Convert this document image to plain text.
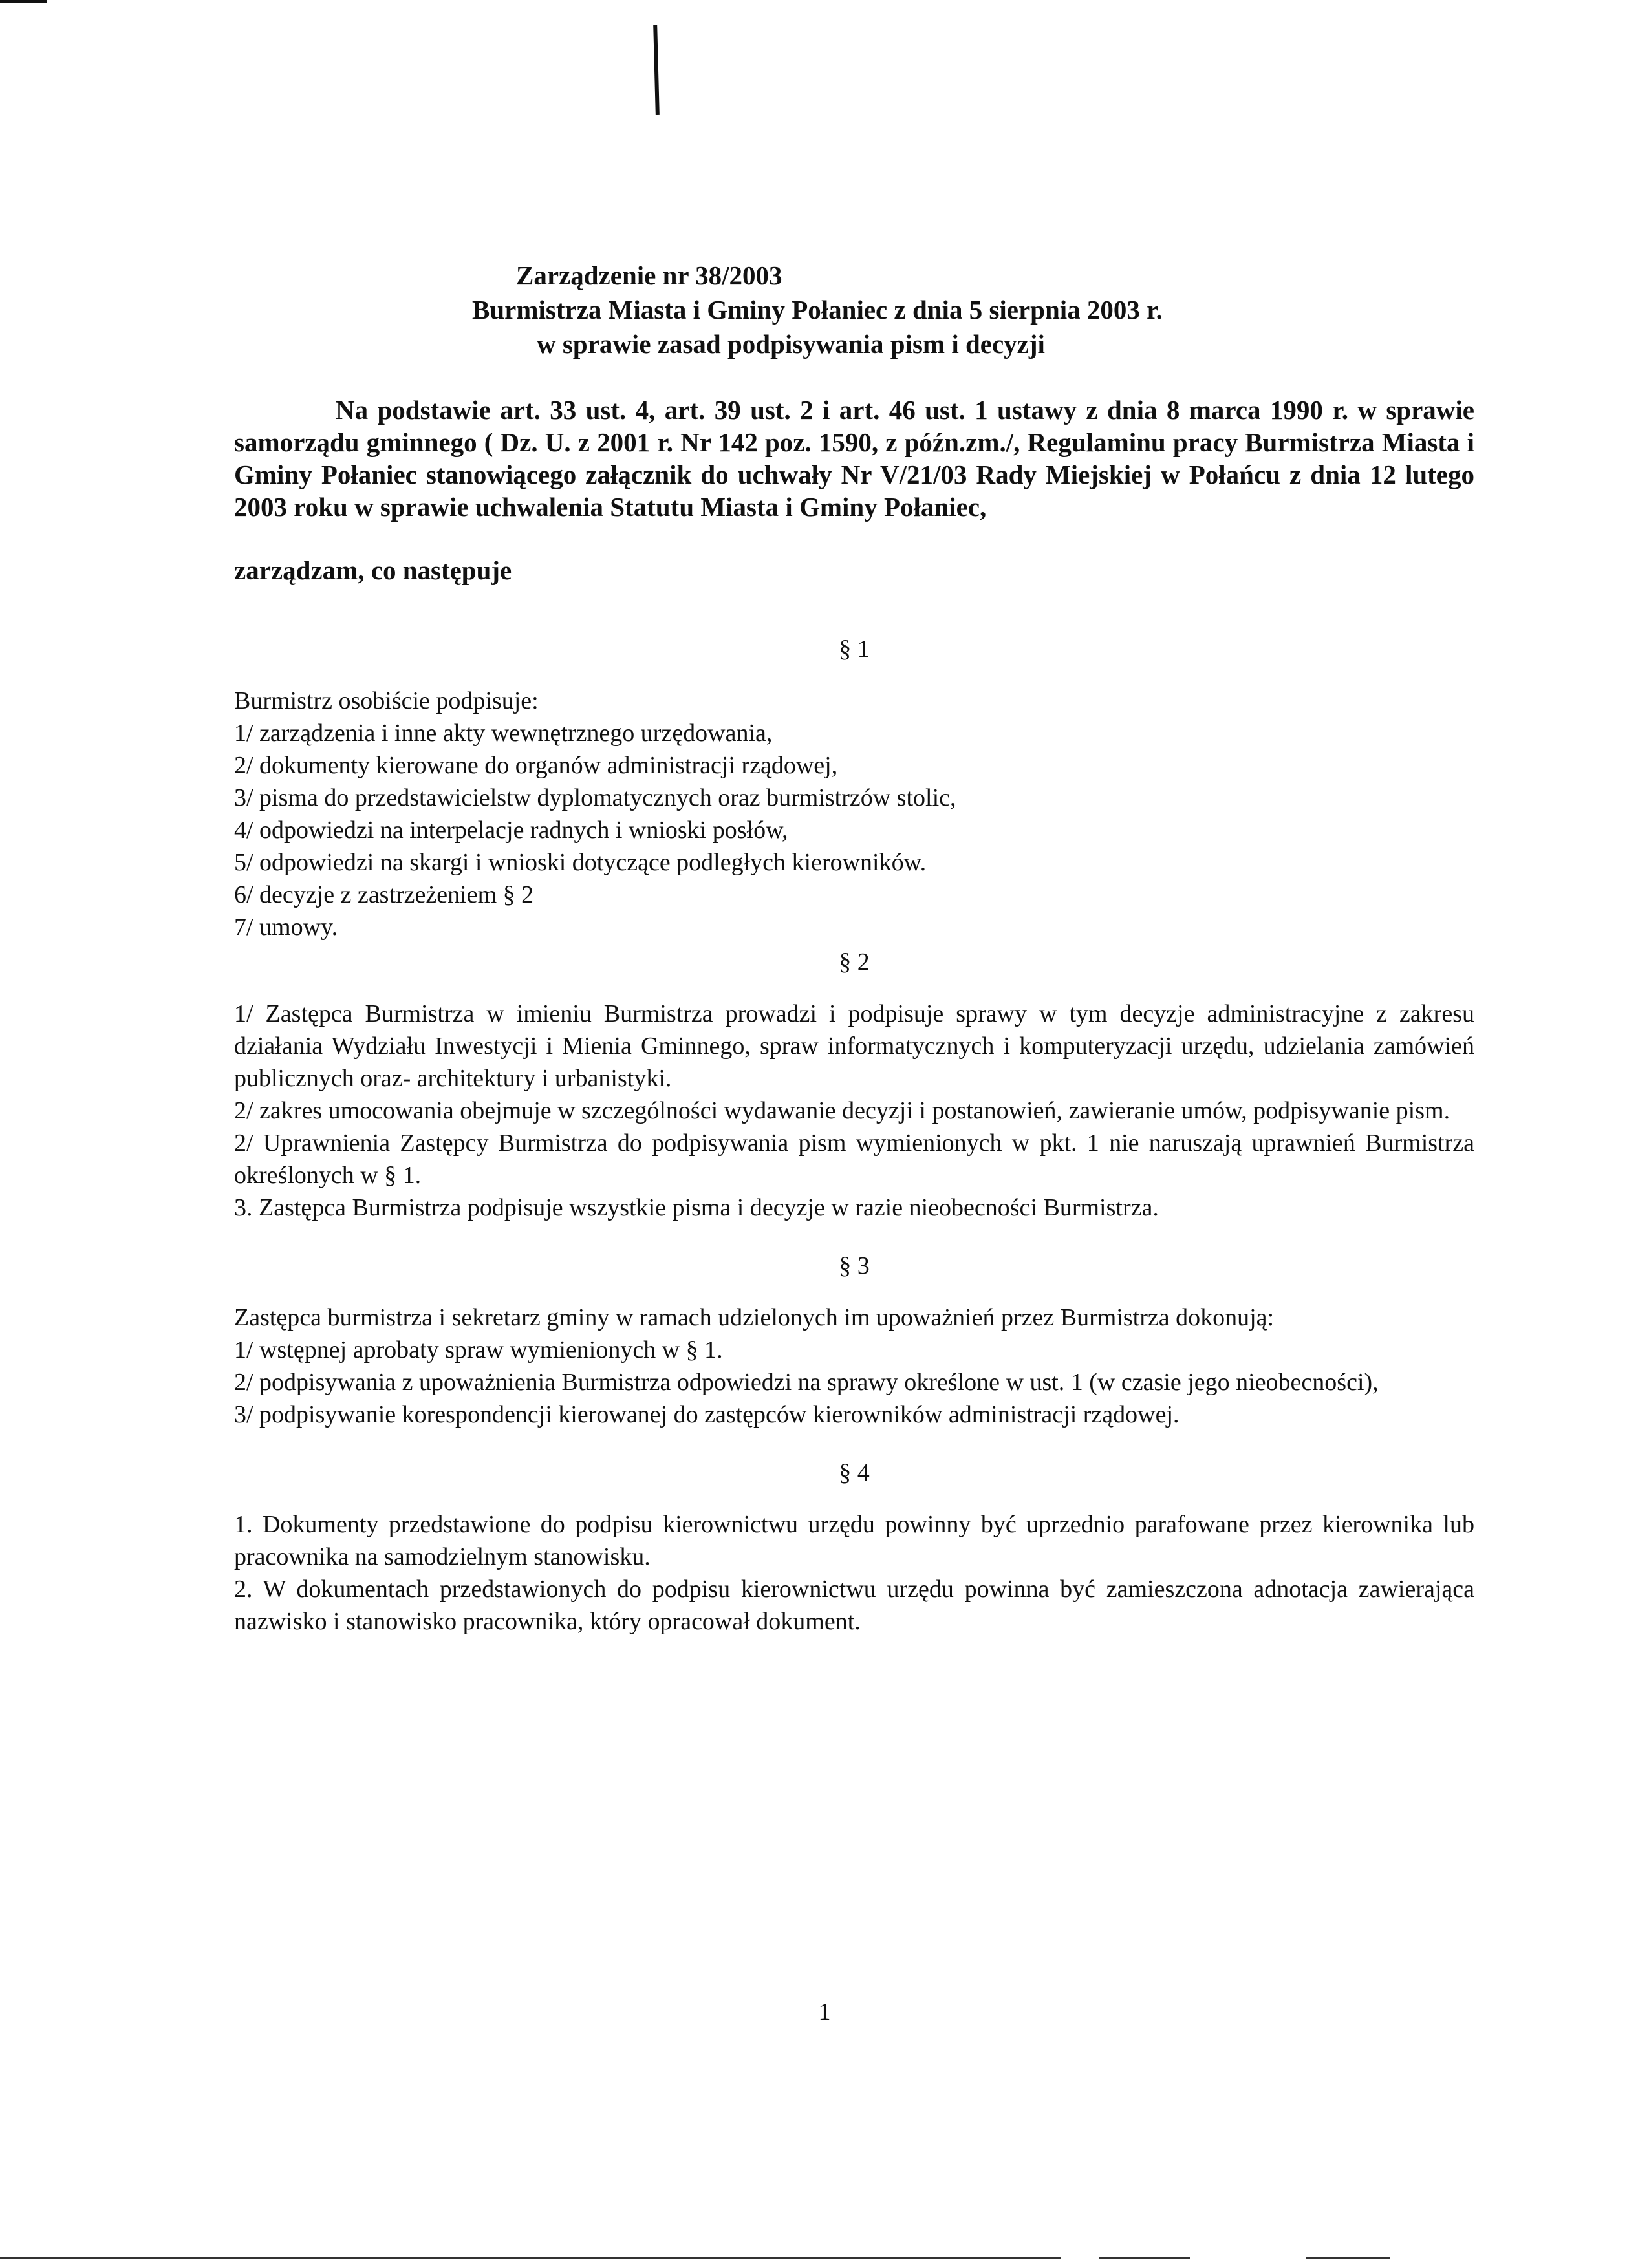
Zarządzenie nr 38/2003
Burmistrza Miasta i Gminy Połaniec z dnia 5 sierpnia 2003 r.
w sprawie zasad podpisywania pism i decyzji

Na podstawie art. 33 ust. 4, art. 39 ust. 2 i art. 46 ust. 1 ustawy z dnia 8 marca 1990 r. w sprawie samorządu gminnego ( Dz. U. z 2001 r. Nr 142 poz. 1590, z późn.zm./, Regulaminu pracy Burmistrza Miasta i Gminy Połaniec stanowiącego załącznik do uchwały Nr V/21/03 Rady Miejskiej w Połańcu z dnia 12 lutego 2003 roku w sprawie uchwalenia Statutu Miasta i Gminy Połaniec,

zarządzam, co następuje
§ 1
Burmistrz osobiście podpisuje:
1/ zarządzenia i inne akty wewnętrznego urzędowania,
2/ dokumenty kierowane do organów administracji rządowej,
3/ pisma do przedstawicielstw dyplomatycznych oraz burmistrzów stolic,
4/ odpowiedzi na interpelacje radnych i wnioski posłów,
5/ odpowiedzi na skargi i wnioski dotyczące podległych kierowników.
6/ decyzje z zastrzeżeniem § 2
7/ umowy.
§ 2
1/ Zastępca Burmistrza w imieniu Burmistrza prowadzi i podpisuje sprawy w tym decyzje administracyjne z zakresu działania Wydziału Inwestycji i Mienia Gminnego, spraw informatycznych i komputeryzacji urzędu, udzielania zamówień publicznych oraz- architektury i urbanistyki.
2/ zakres umocowania obejmuje w szczególności wydawanie decyzji i postanowień, zawieranie umów, podpisywanie pism.
2/ Uprawnienia Zastępcy Burmistrza do podpisywania pism wymienionych w pkt. 1 nie naruszają uprawnień Burmistrza określonych w § 1.
3. Zastępca Burmistrza podpisuje wszystkie pisma i decyzje w razie nieobecności Burmistrza.
§ 3
Zastępca burmistrza i sekretarz gminy w ramach udzielonych im upoważnień przez Burmistrza dokonują:
1/ wstępnej aprobaty spraw wymienionych w § 1.
2/ podpisywania z upoważnienia Burmistrza odpowiedzi na sprawy określone w ust. 1 (w czasie jego nieobecności),
3/ podpisywanie korespondencji kierowanej do zastępców kierowników administracji rządowej.
§ 4
1. Dokumenty przedstawione do podpisu kierownictwu urzędu powinny być uprzednio parafowane przez kierownika lub pracownika na samodzielnym stanowisku.
2. W dokumentach przedstawionych do podpisu kierownictwu urzędu powinna być zamieszczona adnotacja zawierająca nazwisko i stanowisko pracownika, który opracował dokument.
1
